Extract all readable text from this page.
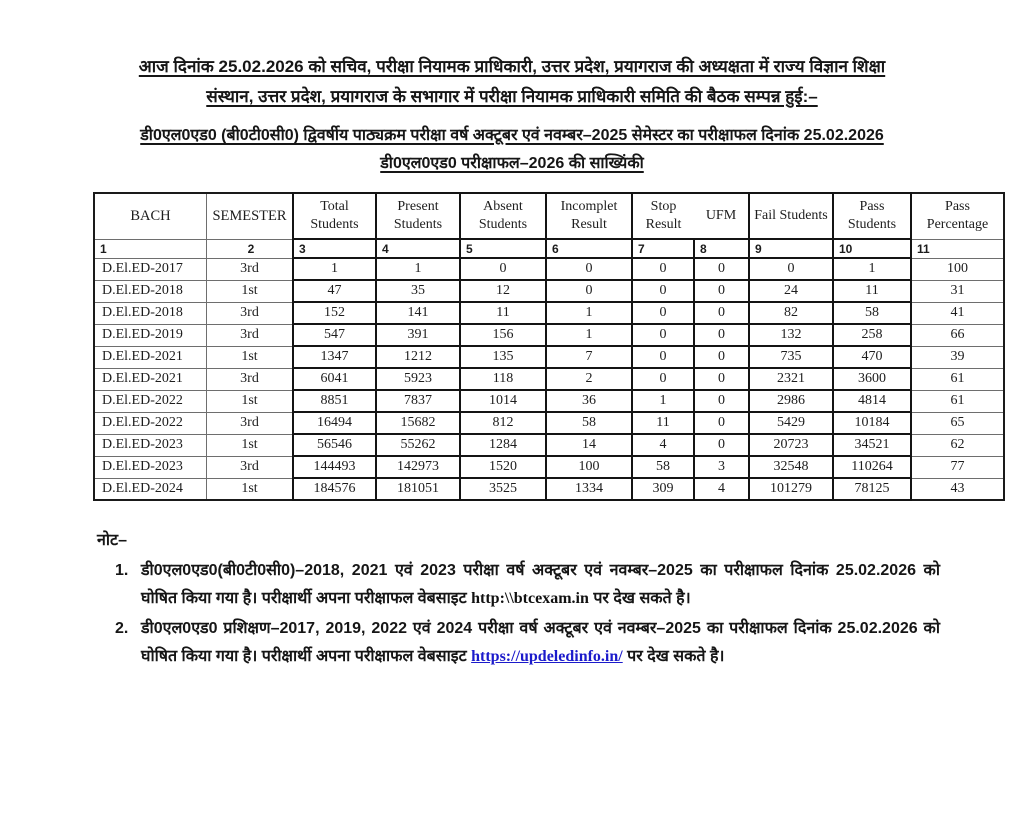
आज दिनांक 25.02.2026 को सचिव, परीक्षा नियामक प्राधिकारी, उत्तर प्रदेश, प्रयागराज की अध्यक्षता में राज्य विज्ञान शिक्षा
संस्थान, उत्तर प्रदेश, प्रयागराज के सभागार में परीक्षा नियामक प्राधिकारी समिति की बैठक सम्पन्न हुई:–
डी0एल0एड0 (बी0टी0सी0) द्विवर्षीय पाठ्यक्रम परीक्षा वर्ष अक्टूबर एवं नवम्बर–2025 सेमेस्टर का परीक्षाफल दिनांक 25.02.2026
डी0एल0एड0 परीक्षाफल–2026 की साख्यिंकी
BACH	SEMESTER	Total Students	Present Students	Absent Students	Incomplet Result	Stop Result	UFM	Fail Students	Pass Students	Pass Percentage
1	2	3	4	5	6	7	8	9	10	11
D.El.ED-2017	3rd	1	1	0	0	0	0	0	1	100
D.El.ED-2018	1st	47	35	12	0	0	0	24	11	31
D.El.ED-2018	3rd	152	141	11	1	0	0	82	58	41
D.El.ED-2019	3rd	547	391	156	1	0	0	132	258	66
D.El.ED-2021	1st	1347	1212	135	7	0	0	735	470	39
D.El.ED-2021	3rd	6041	5923	118	2	0	0	2321	3600	61
D.El.ED-2022	1st	8851	7837	1014	36	1	0	2986	4814	61
D.El.ED-2022	3rd	16494	15682	812	58	11	0	5429	10184	65
D.El.ED-2023	1st	56546	55262	1284	14	4	0	20723	34521	62
D.El.ED-2023	3rd	144493	142973	1520	100	58	3	32548	110264	77
D.El.ED-2024	1st	184576	181051	3525	1334	309	4	101279	78125	43
नोट–
1. डी0एल0एड0(बी0टी0सी0)–2018, 2021 एवं 2023 परीक्षा वर्ष अक्टूबर एवं नवम्बर–2025 का परीक्षाफल दिनांक 25.02.2026 को घोषित किया गया है। परीक्षार्थी अपना परीक्षाफल वेबसाइट http:\\btcexam.in पर देख सकते है।
2. डी0एल0एड0 प्रशिक्षण–2017, 2019, 2022 एवं 2024 परीक्षा वर्ष अक्टूबर एवं नवम्बर–2025 का परीक्षाफल दिनांक 25.02.2026 को घोषित किया गया है। परीक्षार्थी अपना परीक्षाफल वेबसाइट https://updeledinfo.in/ पर देख सकते है।
